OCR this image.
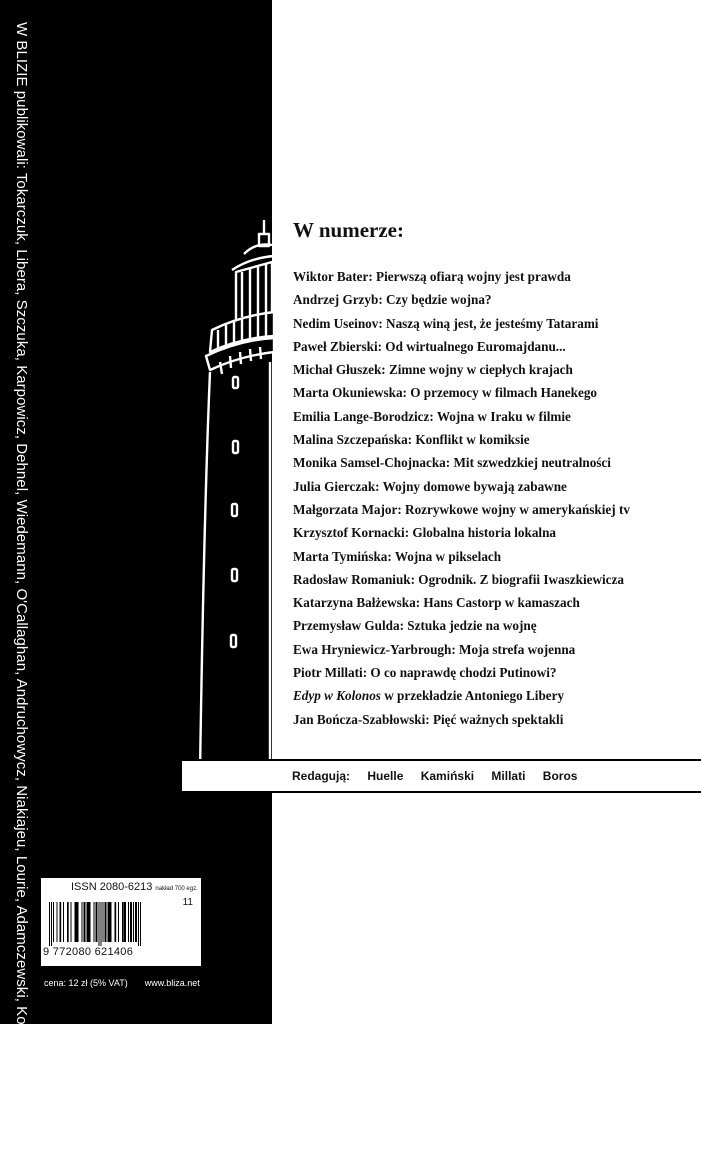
W BLIZIE publikowali: Tokarczuk, Libera, Szczuka, Karpowicz, Dehnel, Wiedemann, O'Callaghan, Andruchowycz, Niakiajeu, Lourie, Adamczewski, Kowalewski, Springer	W numerze:
Wiktor Bater: Pierwszą ofiarą wojny jest prawda
Andrzej Grzyb: Czy będzie wojna?
Nedim Useinov: Naszą winą jest, że jesteśmy Tatarami
Paweł Zbierski: Od wirtualnego Euromajdanu...
Michał Głuszek: Zimne wojny w ciepłych krajach
Marta Okuniewska: O przemocy w filmach Hanekego
Emilia Lange-Borodzicz: Wojna w Iraku w filmie
Malina Szczepańska: Konflikt w komiksie
Monika Samsel-Chojnacka: Mit szwedzkiej neutralności
Julia Gierczak: Wojny domowe bywają zabawne
Małgorzata Major: Rozrywkowe wojny w amerykańskiej tv
Krzysztof Kornacki: Globalna historia lokalna
Marta Tymińska: Wojna w pikselach
Radosław Romaniuk: Ogrodnik. Z biografii Iwaszkiewicza
Katarzyna Bałżewska: Hans Castorp w kamaszach
Przemysław Gulda: Sztuka jedzie na wojnę
Ewa Hryniewicz-Yarbrough: Moja strefa wojenna
Piotr Millati: O co naprawdę chodzi Putinowi?
Edyp w Kolonos w przekładzie Antoniego Libery
Jan Bończa-Szabłowski: Pięć ważnych spektakli
Redagują: Huelle Kamiński Millati Boros
ISSN 2080-6213 nakład 700 egz.
11
9 772080 621406
cena: 12 zł (5% VAT) www.bliza.net
